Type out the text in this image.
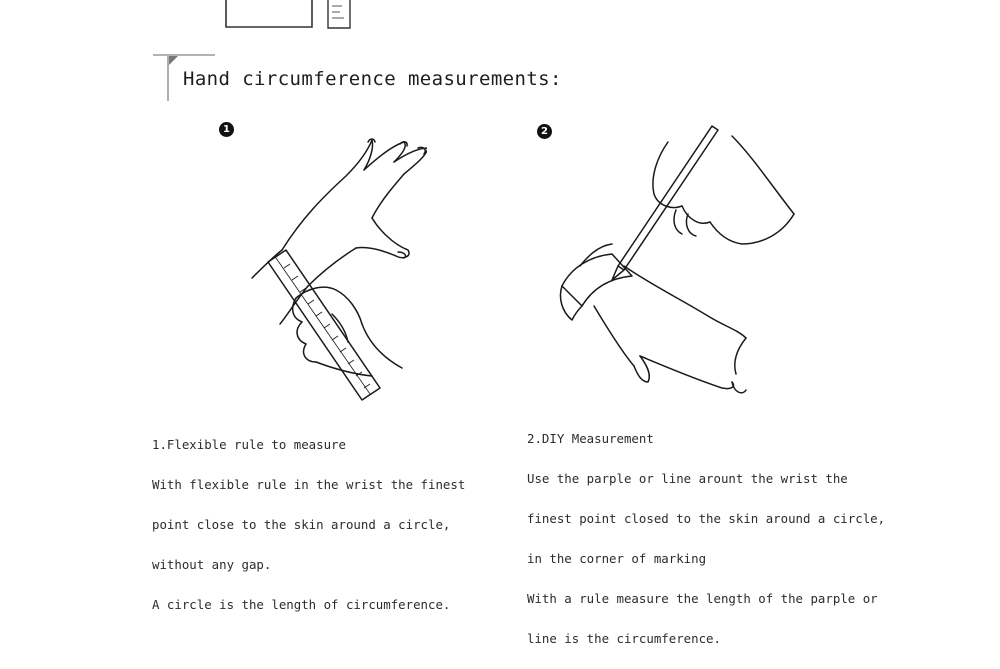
Hand circumference measurements:
1	2

1.Flexible rule to measure

With flexible rule in the wrist the finest

point close to the skin around a circle,

without any gap.

A circle is the length of circumference.

2.DIY Measurement

Use the parple or line arount the wrist the

finest point closed to the skin around a circle,

in the corner of marking

With a rule measure the length of the parple or

line is the circumference.
